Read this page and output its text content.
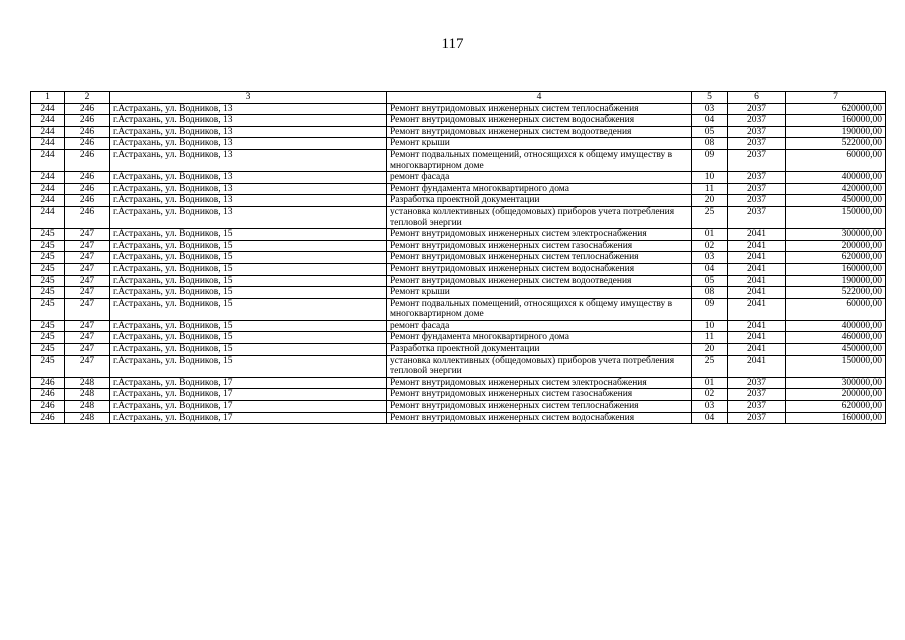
117
1	2	3	4	5	6	7
244	246	г.Астрахань, ул. Водников, 13	Ремонт внутридомовых инженерных систем теплоснабжения	03	2037	620000,00
244	246	г.Астрахань, ул. Водников, 13	Ремонт внутридомовых инженерных систем водоснабжения	04	2037	160000,00
244	246	г.Астрахань, ул. Водников, 13	Ремонт внутридомовых инженерных систем водоотведения	05	2037	190000,00
244	246	г.Астрахань, ул. Водников, 13	Ремонт крыши	08	2037	522000,00
244	246	г.Астрахань, ул. Водников, 13	Ремонт подвальных помещений, относящихся к общему имуществу в многоквартирном доме	09	2037	60000,00
244	246	г.Астрахань, ул. Водников, 13	ремонт фасада	10	2037	400000,00
244	246	г.Астрахань, ул. Водников, 13	Ремонт фундамента многоквартирного дома	11	2037	420000,00
244	246	г.Астрахань, ул. Водников, 13	Разработка проектной документации	20	2037	450000,00
244	246	г.Астрахань, ул. Водников, 13	установка коллективных (общедомовых) приборов учета потребления тепловой энергии	25	2037	150000,00
245	247	г.Астрахань, ул. Водников, 15	Ремонт внутридомовых инженерных систем электроснабжения	01	2041	300000,00
245	247	г.Астрахань, ул. Водников, 15	Ремонт внутридомовых инженерных систем газоснабжения	02	2041	200000,00
245	247	г.Астрахань, ул. Водников, 15	Ремонт внутридомовых инженерных систем теплоснабжения	03	2041	620000,00
245	247	г.Астрахань, ул. Водников, 15	Ремонт внутридомовых инженерных систем водоснабжения	04	2041	160000,00
245	247	г.Астрахань, ул. Водников, 15	Ремонт внутридомовых инженерных систем водоотведения	05	2041	190000,00
245	247	г.Астрахань, ул. Водников, 15	Ремонт крыши	08	2041	522000,00
245	247	г.Астрахань, ул. Водников, 15	Ремонт подвальных помещений, относящихся к общему имуществу в многоквартирном доме	09	2041	60000,00
245	247	г.Астрахань, ул. Водников, 15	ремонт фасада	10	2041	400000,00
245	247	г.Астрахань, ул. Водников, 15	Ремонт фундамента многоквартирного дома	11	2041	460000,00
245	247	г.Астрахань, ул. Водников, 15	Разработка проектной документации	20	2041	450000,00
245	247	г.Астрахань, ул. Водников, 15	установка коллективных (общедомовых) приборов учета потребления тепловой энергии	25	2041	150000,00
246	248	г.Астрахань, ул. Водников, 17	Ремонт внутридомовых инженерных систем электроснабжения	01	2037	300000,00
246	248	г.Астрахань, ул. Водников, 17	Ремонт внутридомовых инженерных систем газоснабжения	02	2037	200000,00
246	248	г.Астрахань, ул. Водников, 17	Ремонт внутридомовых инженерных систем теплоснабжения	03	2037	620000,00
246	248	г.Астрахань, ул. Водников, 17	Ремонт внутридомовых инженерных систем водоснабжения	04	2037	160000,00
